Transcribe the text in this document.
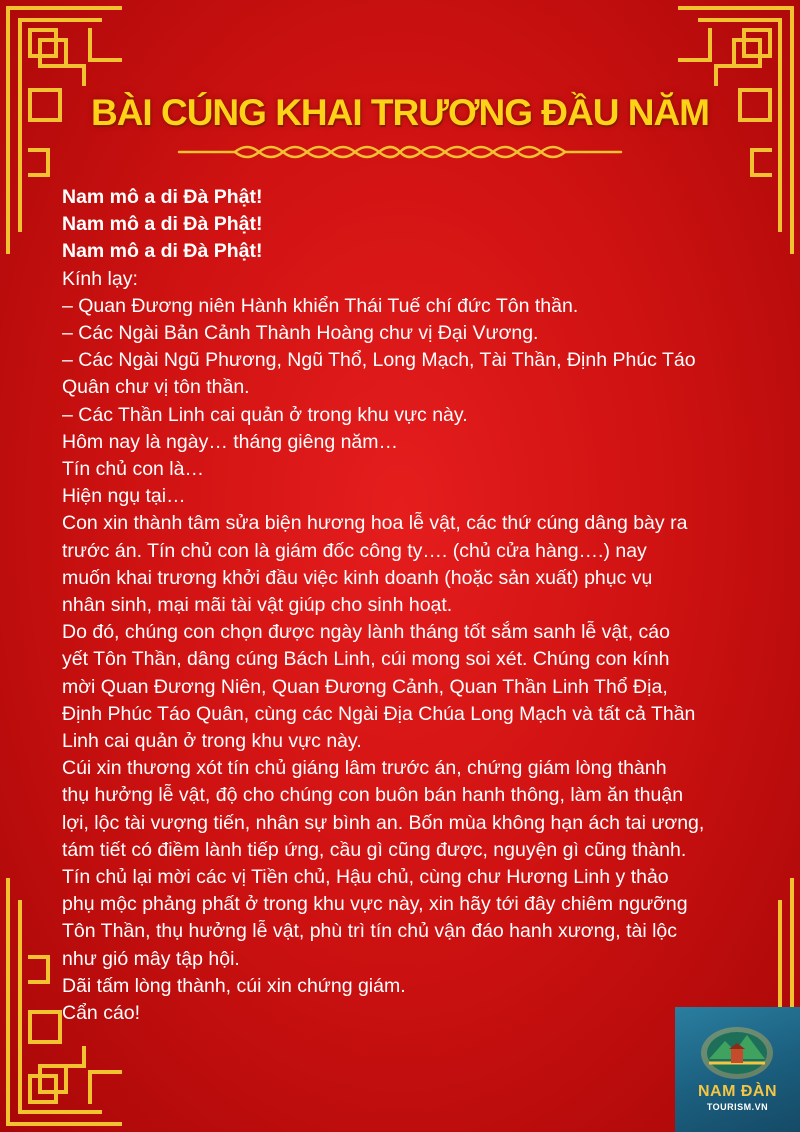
BÀI CÚNG KHAI TRƯƠNG ĐẦU NĂM
Nam mô a di Đà Phật!
Nam mô a di Đà Phật!
Nam mô a di Đà Phật!
Kính lạy:
– Quan Đương niên Hành khiển Thái Tuế chí đức Tôn thần.
– Các Ngài Bản Cảnh Thành Hoàng chư vị Đại Vương.
– Các Ngài Ngũ Phương, Ngũ Thổ, Long Mạch, Tài Thần, Định Phúc Táo
Quân chư vị tôn thần.
– Các Thần Linh cai quản ở trong khu vực này.
Hôm nay là ngày… tháng giêng năm…
Tín chủ con là…
Hiện ngụ tại…
Con xin thành tâm sửa biện hương hoa lễ vật, các thứ cúng dâng bày ra
trước án. Tín chủ con là giám đốc công ty…. (chủ cửa hàng….) nay
muốn khai trương khởi đầu việc kinh doanh (hoặc sản xuất) phục vụ
nhân sinh, mại mãi tài vật giúp cho sinh hoạt.
Do đó, chúng con chọn được ngày lành tháng tốt sắm sanh lễ vật, cáo
yết Tôn Thần, dâng cúng Bách Linh, cúi mong soi xét. Chúng con kính
mời Quan Đương Niên, Quan Đương Cảnh, Quan Thần Linh Thổ Địa,
Định Phúc Táo Quân, cùng các Ngài Địa Chúa Long Mạch và tất cả Thần
Linh cai quản ở trong khu vực này.
Cúi xin thương xót tín chủ giáng lâm trước án, chứng giám lòng thành
thụ hưởng lễ vật, độ cho chúng con buôn bán hanh thông, làm ăn thuận
lợi, lộc tài vượng tiến, nhân sự bình an. Bốn mùa không hạn ách tai ương,
tám tiết có điềm lành tiếp ứng, cầu gì cũng được, nguyện gì cũng thành.
Tín chủ lại mời các vị Tiền chủ, Hậu chủ, cùng chư Hương Linh y thảo
phụ mộc phảng phất ở trong khu vực này, xin hãy tới đây chiêm ngưỡng
Tôn Thần, thụ hưởng lễ vật, phù trì tín chủ vận đáo hanh xương, tài lộc
như gió mây tập hội.
Dãi tấm lòng thành, cúi xin chứng giám.
Cẩn cáo!
NAM ĐÀN
TOURISM.VN
